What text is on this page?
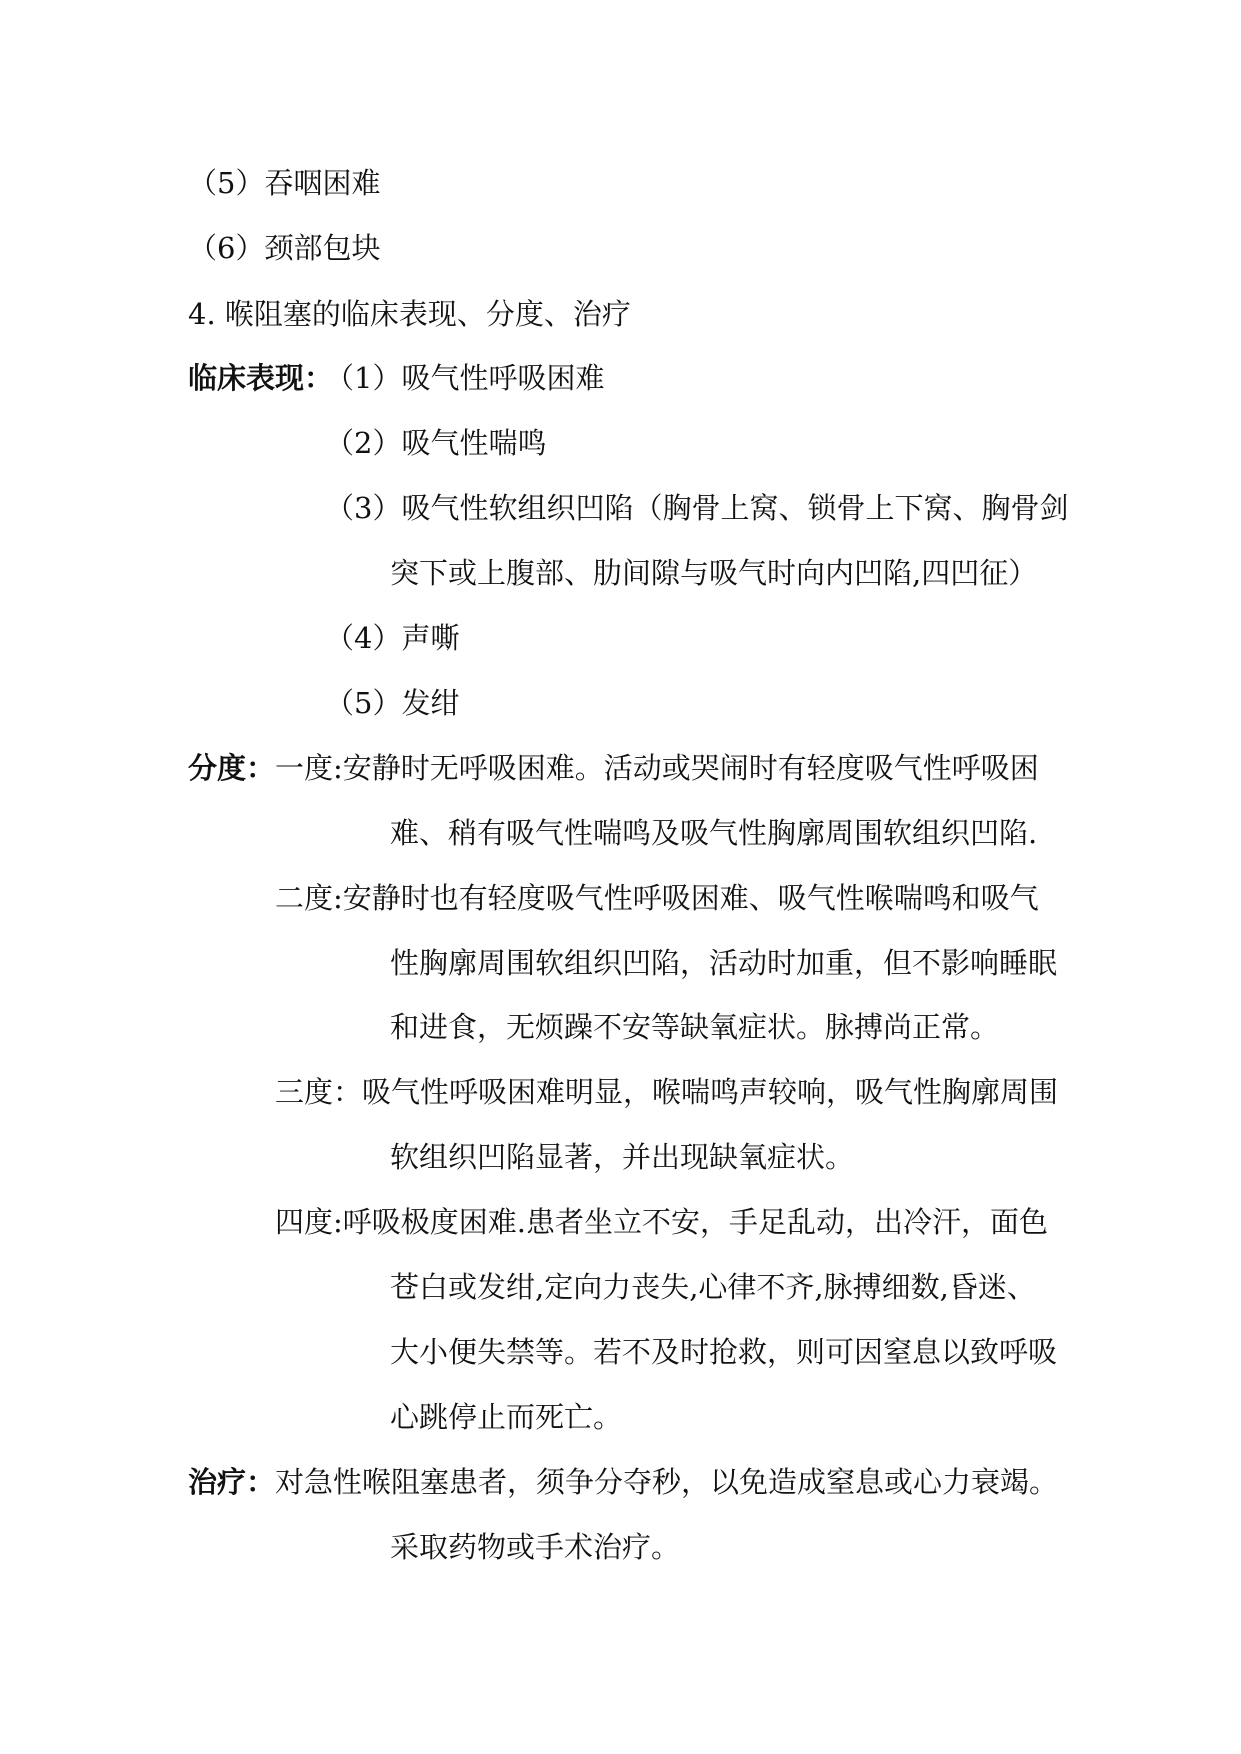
（5）吞咽困难
（6）颈部包块
4. 喉阻塞的临床表现、分度、治疗
临床表现：
（1）吸气性呼吸困难
（2）吸气性喘鸣
（3）吸气性软组织凹陷（胸骨上窝、锁骨上下窝、胸骨剑
突下或上腹部、肋间隙与吸气时向内凹陷,四凹征）
（4）声嘶
（5）发绀
分度： 一度:安静时无呼吸困难。活动或哭闹时有轻度吸气性呼吸困
难、稍有吸气性喘鸣及吸气性胸廓周围软组织凹陷.
二度:安静时也有轻度吸气性呼吸困难、吸气性喉喘鸣和吸气
性胸廓周围软组织凹陷，活动时加重，但不影响睡眠
和进食，无烦躁不安等缺氧症状。脉搏尚正常。
三度：吸气性呼吸困难明显，喉喘鸣声较响，吸气性胸廓周围
软组织凹陷显著，并出现缺氧症状。
四度:呼吸极度困难.患者坐立不安，手足乱动，出冷汗，面色
苍白或发绀,定向力丧失,心律不齐,脉搏细数,昏迷、
大小便失禁等。若不及时抢救，则可因窒息以致呼吸
心跳停止而死亡。
治疗： 对急性喉阻塞患者，须争分夺秒，以免造成窒息或心力衰竭。
采取药物或手术治疗。
